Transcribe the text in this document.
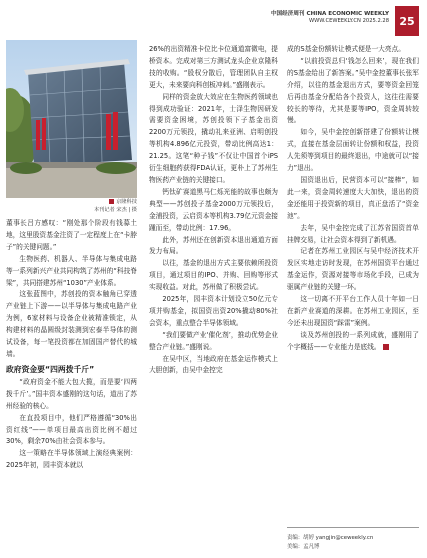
中国经济周刊 CHINA ECONOMIC WEEKLY
WWW.CEWEEKLY.CN 2025.2.28 25
京隆科技
本刊记者 宋杰 | 摄

董事长吕方感叹：“刚处那个阶段有钱募土地，这里股资基金注资了一定程度上在“卡脖子”的关键问题。”

生物医药、机器人、半导体与集成电路等一系列新兴产业共同构筑了苏州的“科技脊梁”，共同搭建苏州“1030”产业体系。

这张蓝图中，苏创投的资本触角已穿透产业链上下游——以半导体与集成电路产业为例，6家材料与设备企业被精准锁定，从构建材料的晶圆级封装测到宏泰半导体的测试设备，每一笔投资都在加固国产替代的城墙。

政府资金要“四两拨千斤”

“政府资金不能大包大揽，而是要‘四两拨千斤’。”国丰资本盛刚的这句话，道出了苏州经验的核心。

在直投项目中，他们严格遵循“30%出资红线”——单项目最高出资比例不超过30%，剩余70%由社会资本参与。

这一策略在半导体领域上演经典案例：2025年初，园丰资本就以

26%的出资精准卡位比卡位通道富微电，提桥资本。完成对第三方测试龙头企业京隆科技的收购。“股权分散后，管理团队自主权更大，未来要向科创板冲刺。”盛刚表示。

同样的资金放大效应在生物医药领域也得到成功验证：2021年，士泽生物因研发需要资金困境，苏创投领下子基金出资2200万元领投，撬动礼来亚洲、启明创投等机构4.896亿元投资，带动比例高达1：21.25。这笔“种子钱”不仅让中国首个iPS衍生细胞药获得FDA认证，更朴上了苏州生物医药产业链的关键接口。

钙钛矿赛道黑马仁烁光能的故事也颇为典型——苏创投子基金2000万元领投后，金浦投资，云启资本等机构3.79亿元资金接踵而至，带动比例：17.96。

此外，苏州还在创新资本退出通道方面发力布局。

以往，基金的退出方式主要依赖所投资项目，通过项目的IPO、并购、回购等形式实现收益。对此，苏州做了积极尝试。

2025年，园丰资本计划设立50亿元专项并购基金，拟国资出资20%撬动80%社会资本，重点整合半导体领域。

“我们要做产业‘催化剂’，推动优势企业整合产业链。”盛刚说。

在吴中区，当地政府在基金运作模式上大胆创新，由吴中金控完

成的S基金份额转让模式便是一大亮点。

“以前投资总归‘钱怎么回来’，现在我们的S基金给出了新答案。”吴中金控董事长张军介绍，以往的基金退出方式，要等资金回笼后再由基金分配给各个投资人，这往往需要较长的等待，尤其是要等IPO，资金周转较慢。

如今，吴中金控创新搭建了份额转让模式，直接在基金层面转让份额和权益，投资人先须等到项目的最终退出，中途就可以“接力”退出。

国资退出后，民营资本可以“接棒”，如此一来，资金周转速度大大加快，退出的资金还能用于投资新的项目，真正盘活了“资金池”。

去年，吴中金控完成了江苏省国资首单挂牌交易，让社会资本得到了新机遇。

记者在苏州工业园区与吴中经济技术开发区实地走访时发现，在苏州国资平台通过基金运作，资源对接等市场化手段，已成为驱属产业链的关键一环。

这一切离不开平台工作人员十年如一日在新产业赛道的深耕。在苏州工业园区，至今还未出现国资“踩雷”案例。

谈及苏州创投的一系列成就，盛刚用了个字概括——专业能力是底线。

责编：胡婷 yangjin@ceweekly.cn
美编：孟凡博
